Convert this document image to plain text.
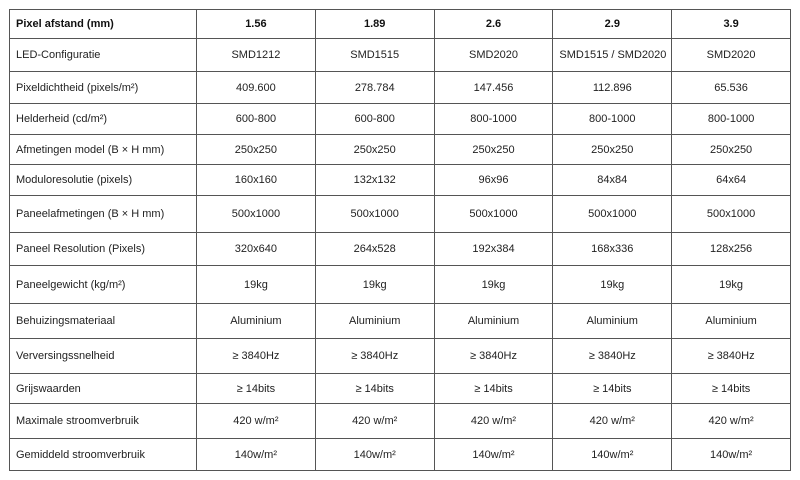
Pixel afstand (mm)	1.56	1.89	2.6	2.9	3.9
LED-Configuratie	SMD1212	SMD1515	SMD2020	SMD1515 / SMD2020	SMD2020
Pixeldichtheid (pixels/m²)	409.600	278.784	147.456	112.896	65.536
Helderheid (cd/m²)	600-800	600-800	800-1000	800-1000	800-1000
Afmetingen model (B × H mm)	250x250	250x250	250x250	250x250	250x250
Moduloresolutie (pixels)	160x160	132x132	96x96	84x84	64x64
Paneelafmetingen (B × H mm)	500x1000	500x1000	500x1000	500x1000	500x1000
Paneel Resolution (Pixels)	320x640	264x528	192x384	168x336	128x256
Paneelgewicht (kg/m²)	19kg	19kg	19kg	19kg	19kg
Behuizingsmateriaal	Aluminium	Aluminium	Aluminium	Aluminium	Aluminium
Verversingssnelheid	≥ 3840Hz	≥ 3840Hz	≥ 3840Hz	≥ 3840Hz	≥ 3840Hz
Grijswaarden	≥ 14bits	≥ 14bits	≥ 14bits	≥ 14bits	≥ 14bits
Maximale stroomverbruik	420 w/m²	420 w/m²	420 w/m²	420 w/m²	420 w/m²
Gemiddeld stroomverbruik	140w/m²	140w/m²	140w/m²	140w/m²	140w/m²
